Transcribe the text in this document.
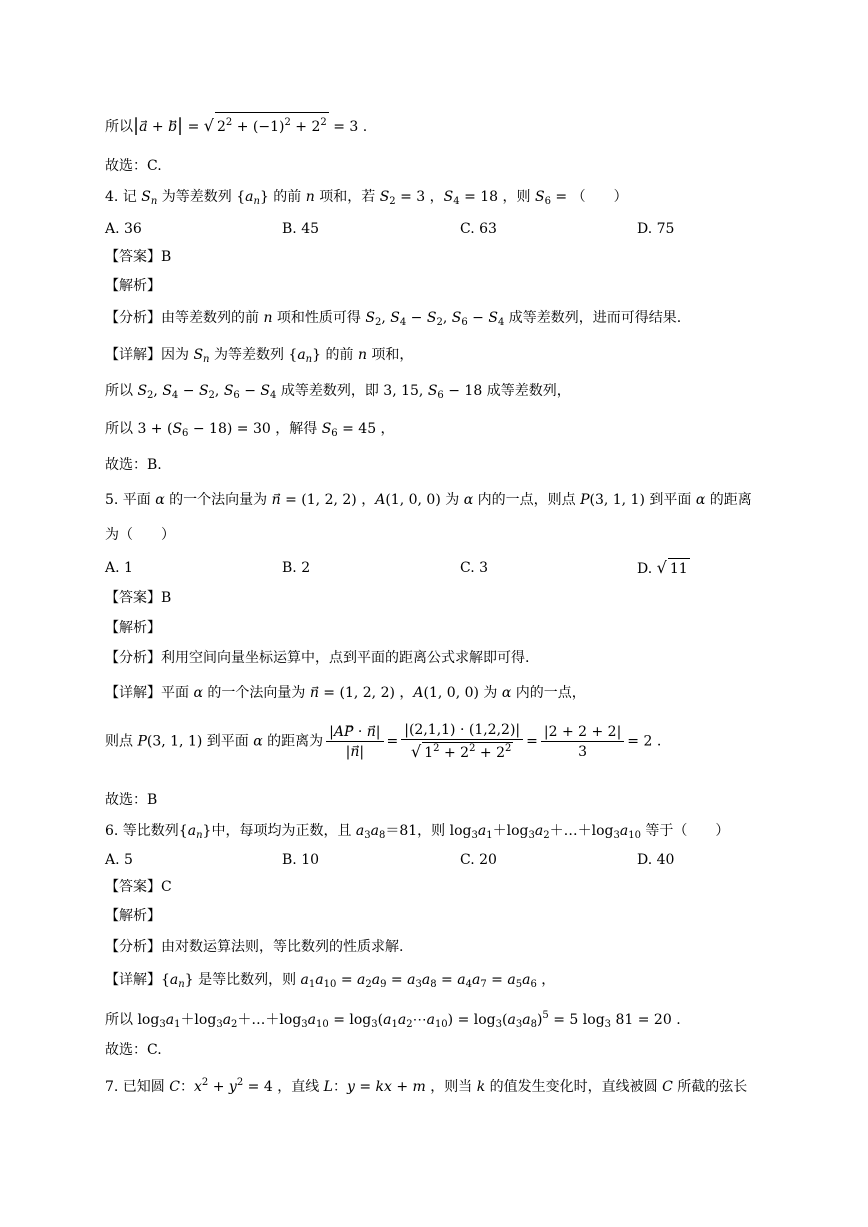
所以|a⃗ + b| = √ $2^2 + (-1)^2 + 2^2 = 3$ .
故选：C.
4. 记 $S_n$ 为等差数列 $\{a_n\}$ 的前 n 项和，若 $S_2 = 3$ ，$S_4 = 18$ ，则 $S_6$ = （　　）
A. 36	B. 45	C. 63	D. 75
【答案】B
【解析】
【分析】由等差数列的前 n 项和性质可得 $S_2$, $S_4 - S_2$, $S_6 - S_4$ 成等差数列，进而可得结果.
【详解】因为 $S_n$ 为等差数列 $\{a_n\}$ 的前 n 项和，
所以 $S_2$, $S_4 - S_2$, $S_6 - S_4$ 成等差数列，即 3, 15, $S_6 - 18$ 成等差数列，
所以 $3 + (S_6 - 18) = 30$ ，解得 $S_6 = 45$ ，
故选：B.
5. 平面 α 的一个法向量为 n⃗ = (1, 2, 2) ，A(1, 0, 0) 为 α 内的一点，则点 P(3, 1, 1) 到平面 α 的距离
为（　　）
A. 1	B. 2	C. 3	D. √ 11
【答案】B
【解析】
【分析】利用空间向量坐标运算中，点到平面的距离公式求解即可得.
【详解】平面 α 的一个法向量为 n⃗ = (1, 2, 2) ，A(1, 0, 0) 为 α 内的一点，
则点 P(3, 1, 1) 到平面 α 的距离为 $\frac{|AP⃗ \cdot n⃗|}{|n⃗|} = \frac{|(2,1,1) \cdot (1,2,2)|}{√ 1^2 + 2^2 + 2^2} = \frac{|2 + 2 + 2|}{3} = 2$ .
故选：B
6. 等比数列$\{a_n\}$中，每项均为正数，且 $a_3a_8=81$，则 $\log_3a_1+\log_3a_2+\dots+\log_3a_{10}$ 等于（　　）
A. 5	B. 10	C. 20	D. 40
【答案】C
【解析】
【分析】由对数运算法则，等比数列的性质求解.
【详解】$\{a_n\}$ 是等比数列，则 $a_1a_{10} = a_2a_9 = a_3a_8 = a_4a_7 = a_5a_6$ ，
所以 $\log_3a_1+\log_3a_2+\dots+\log_3a_{10}$ = $\log_3(a_1a_2\cdots a_{10}) = \log_3(a_3a_8)^5 = 5$ $\log_3 81 = 20$ .
故选：C.
7. 已知圆 C：$x^2 + y^2 = 4$ ，直线 L：y = kx + m ，则当 k 的值发生变化时，直线被圆 C 所截的弦长
